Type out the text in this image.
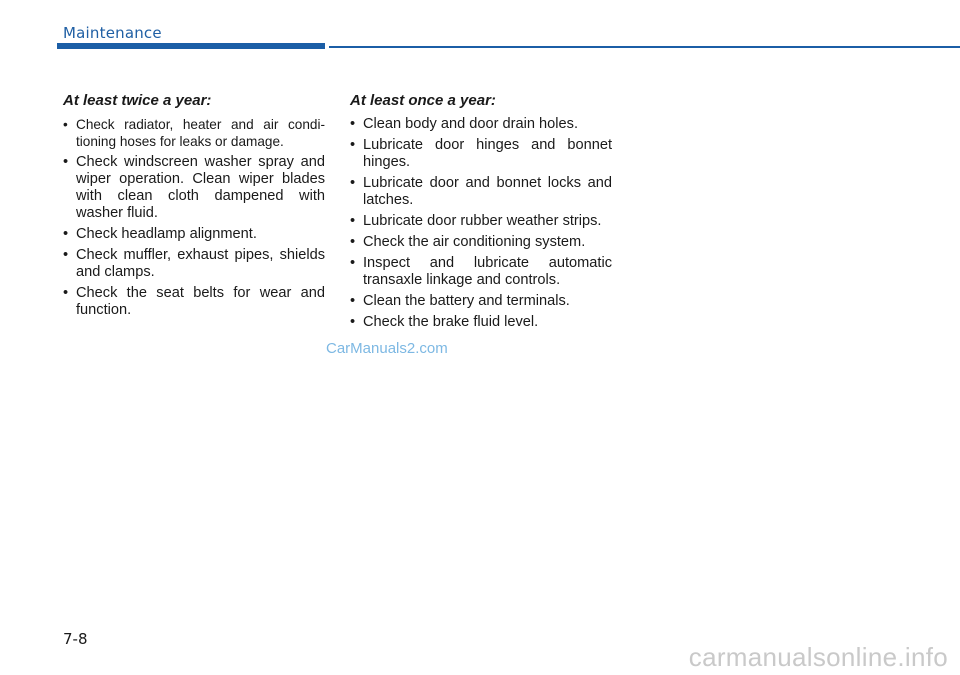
Maintenance
At least twice a year:
• Check radiator, heater and air condi-tioning hoses for leaks or damage.
• Check windscreen washer spray and wiper operation. Clean wiper blades with clean cloth dampened with washer fluid.
• Check headlamp alignment.
• Check muffler, exhaust pipes, shields and clamps.
• Check the seat belts for wear and function.
At least once a year:
• Clean body and door drain holes.
• Lubricate door hinges and bonnet hinges.
• Lubricate door and bonnet locks and latches.
• Lubricate door rubber weather strips.
• Check the air conditioning system.
• Inspect and lubricate automatic transaxle linkage and controls.
• Clean the battery and terminals.
• Check the brake fluid level.
CarManuals2.com
7-8
carmanualsonline.info
